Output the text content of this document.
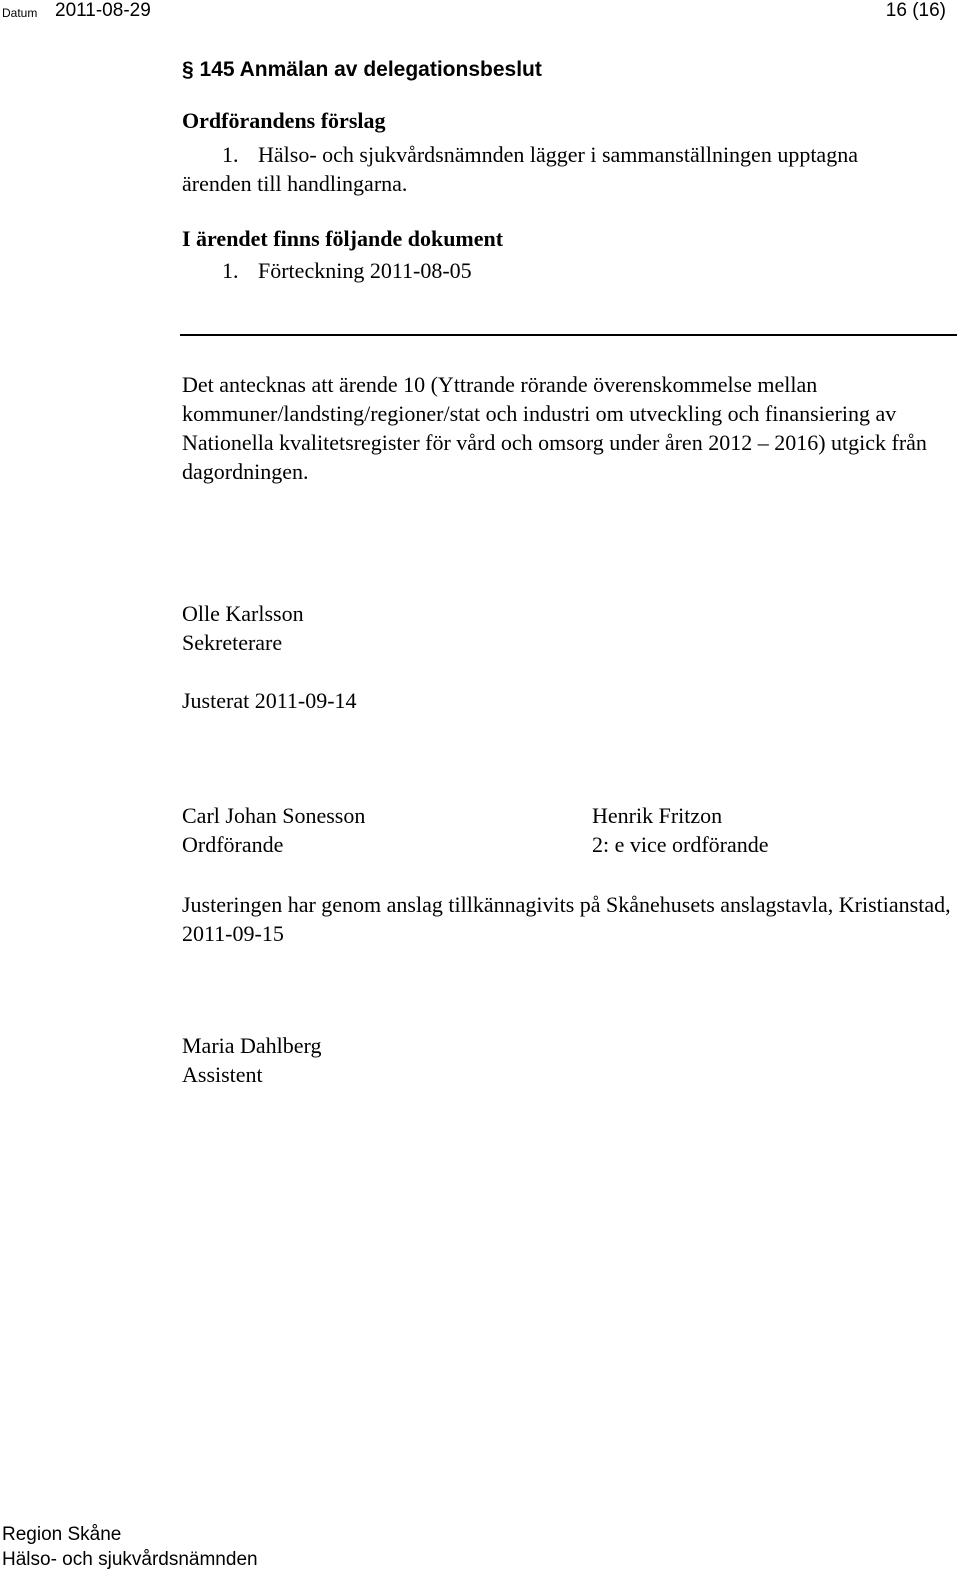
Datum 2011-08-29	16 (16)
§ 145 Anmälan av delegationsbeslut
Ordförandens förslag
1. Hälso- och sjukvårdsnämnden lägger i sammanställningen upptagna
ärenden till handlingarna.
I ärendet finns följande dokument
1. Förteckning 2011-08-05

Det antecknas att ärende 10 (Yttrande rörande överenskommelse mellan kommuner/landsting/regioner/stat och industri om utveckling och finansiering av Nationella kvalitetsregister för vård och omsorg under åren 2012 – 2016) utgick från dagordningen.

Olle Karlsson
Sekreterare
Justerat 2011-09-14
Carl Johan Sonesson
Ordförande
Henrik Fritzon
2: e vice ordförande

Justeringen har genom anslag tillkännagivits på Skånehusets anslagstavla, Kristianstad, 2011-09-15

Maria Dahlberg
Assistent
Region Skåne
Hälso- och sjukvårdsnämnden
